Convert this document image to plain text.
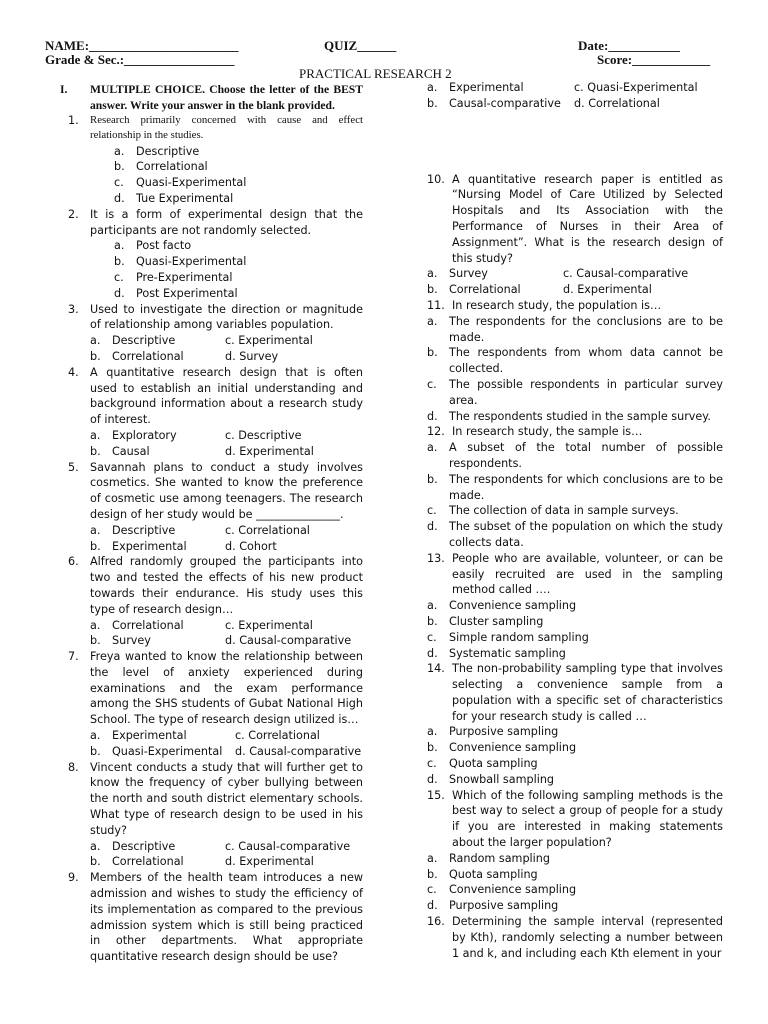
NAME:_______________________	QUIZ______	Date:___________
Grade & Sec.:_________________	Score:____________
PRACTICAL RESEARCH 2
I. MULTIPLE CHOICE. Choose the letter of the BEST answer. Write your answer in the blank provided.
1. Research primarily concerned with cause and effect relationship in the studies.
a. Descriptive
b. Correlational
c. Quasi-Experimental
d. Tue Experimental
2. It is a form of experimental design that the participants are not randomly selected.
a. Post facto
b. Quasi-Experimental
c. Pre-Experimental
d. Post Experimental
3. Used to investigate the direction or magnitude of relationship among variables population.
a. Descriptive	c. Experimental
b. Correlational	d. Survey
4. A quantitative research design that is often used to establish an initial understanding and background information about a research study of interest.
a. Exploratory	c. Descriptive
b. Causal	d. Experimental
5. Savannah plans to conduct a study involves cosmetics. She wanted to know the preference of cosmetic use among teenagers. The research design of her study would be _______________.
a. Descriptive	c. Correlational
b. Experimental	d. Cohort
6. Alfred randomly grouped the participants into two and tested the effects of his new product towards their endurance. His study uses this type of research design…
a. Correlational	c. Experimental
b. Survey	d. Causal-comparative
7. Freya wanted to know the relationship between the level of anxiety experienced during examinations and the exam performance among the SHS students of Gubat National High School. The type of research design utilized is…
a. Experimental	c. Correlational
b. Quasi-Experimental	d. Causal-comparative
8. Vincent conducts a study that will further get to know the frequency of cyber bullying between the north and south district elementary schools. What type of research design to be used in his study?
a. Descriptive	c. Causal-comparative
b. Correlational	d. Experimental
9. Members of the health team introduces a new admission and wishes to study the efficiency of its implementation as compared to the previous admission system which is still being practiced in other departments. What appropriate quantitative research design should be use?
a. Experimental	c. Quasi-Experimental
b. Causal-comparative	d. Correlational
10. A quantitative research paper is entitled as “Nursing Model of Care Utilized by Selected Hospitals and Its Association with the Performance of Nurses in their Area of Assignment”. What is the research design of this study?
a. Survey	c. Causal-comparative
b. Correlational	d. Experimental
11. In research study, the population is…
a. The respondents for the conclusions are to be made.
b. The respondents from whom data cannot be collected.
c. The possible respondents in particular survey area.
d. The respondents studied in the sample survey.
12. In research study, the sample is…
a. A subset of the total number of possible respondents.
b. The respondents for which conclusions are to be made.
c. The collection of data in sample surveys.
d. The subset of the population on which the study collects data.
13. People who are available, volunteer, or can be easily recruited are used in the sampling method called ….
a. Convenience sampling
b. Cluster sampling
c. Simple random sampling
d. Systematic sampling
14. The non-probability sampling type that involves selecting a convenience sample from a population with a specific set of characteristics for your research study is called …
a. Purposive sampling
b. Convenience sampling
c. Quota sampling
d. Snowball sampling
15. Which of the following sampling methods is the best way to select a group of people for a study if you are interested in making statements about the larger population?
a. Random sampling
b. Quota sampling
c. Convenience sampling
d. Purposive sampling
16. Determining the sample interval (represented by Kth), randomly selecting a number between 1 and k, and including each Kth element in your
